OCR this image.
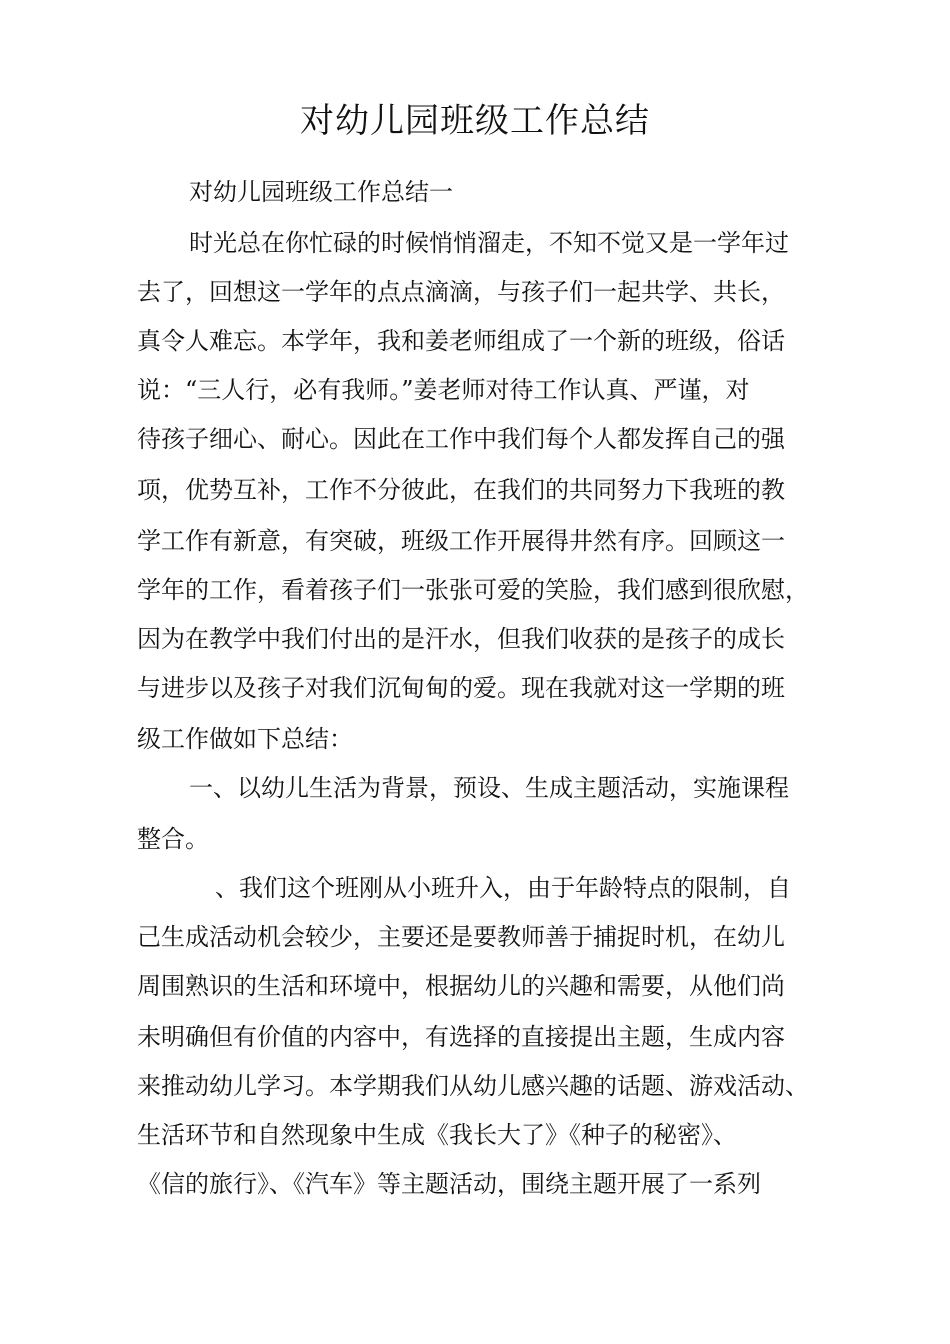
对幼儿园班级工作总结

对幼儿园班级工作总结一

时光总在你忙碌的时候悄悄溜走，不知不觉又是一学年过

去了，回想这一学年的点点滴滴，与孩子们一起共学、共长，

真令人难忘。本学年，我和姜老师组成了一个新的班级，俗话

说：“三人行，必有我师。”姜老师对待工作认真、严谨，对

待孩子细心、耐心。因此在工作中我们每个人都发挥自己的强

项，优势互补，工作不分彼此，在我们的共同努力下我班的教

学工作有新意，有突破，班级工作开展得井然有序。回顾这一

学年的工作，看着孩子们一张张可爱的笑脸，我们感到很欣慰，

因为在教学中我们付出的是汗水，但我们收获的是孩子的成长

与进步以及孩子对我们沉甸甸的爱。现在我就对这一学期的班

级工作做如下总结：

一、以幼儿生活为背景，预设、生成主题活动，实施课程

整合。

、我们这个班刚从小班升入，由于年龄特点的限制，自

己生成活动机会较少，主要还是要教师善于捕捉时机，在幼儿

周围熟识的生活和环境中，根据幼儿的兴趣和需要，从他们尚

未明确但有价值的内容中，有选择的直接提出主题，生成内容

来推动幼儿学习。本学期我们从幼儿感兴趣的话题、游戏活动、

生活环节和自然现象中生成《我长大了》《种子的秘密》、

《信的旅行》、《汽车》等主题活动，围绕主题开展了一系列
